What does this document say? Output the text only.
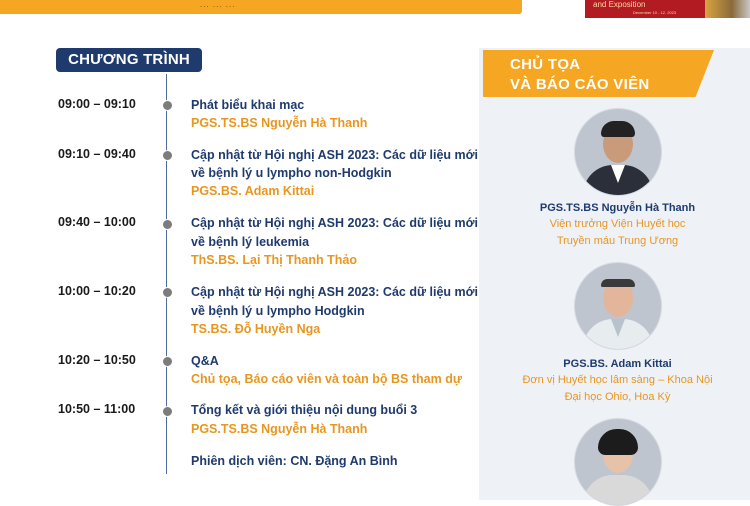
... ... ...	and Exposition
December 10 - 12, 2023
CHƯƠNG TRÌNH
09:00 – 09:10	Phát biểu khai mạc
PGS.TS.BS Nguyễn Hà Thanh
09:10 – 09:40	Cập nhật từ Hội nghị ASH 2023: Các dữ liệu mới
về bệnh lý u lympho non-Hodgkin
PGS.BS. Adam Kittai
09:40 – 10:00	Cập nhật từ Hội nghị ASH 2023: Các dữ liệu mới
về bệnh lý leukemia
ThS.BS. Lại Thị Thanh Thảo
10:00 – 10:20	Cập nhật từ Hội nghị ASH 2023: Các dữ liệu mới
về bệnh lý u lympho Hodgkin
TS.BS. Đỗ Huyền Nga
10:20 – 10:50	Q&A
Chủ tọa, Báo cáo viên và toàn bộ BS tham dự
10:50 – 11:00	Tổng kết và giới thiệu nội dung buổi 3
PGS.TS.BS Nguyễn Hà Thanh
Phiên dịch viên: CN. Đặng An Bình
CHỦ TỌA
VÀ BÁO CÁO VIÊN
PGS.TS.BS Nguyễn Hà Thanh
Viện trưởng Viện Huyết học
Truyền máu Trung Ương
PGS.BS. Adam Kittai
Đơn vị Huyết học lâm sàng – Khoa Nội
Đại học Ohio, Hoa Kỳ
